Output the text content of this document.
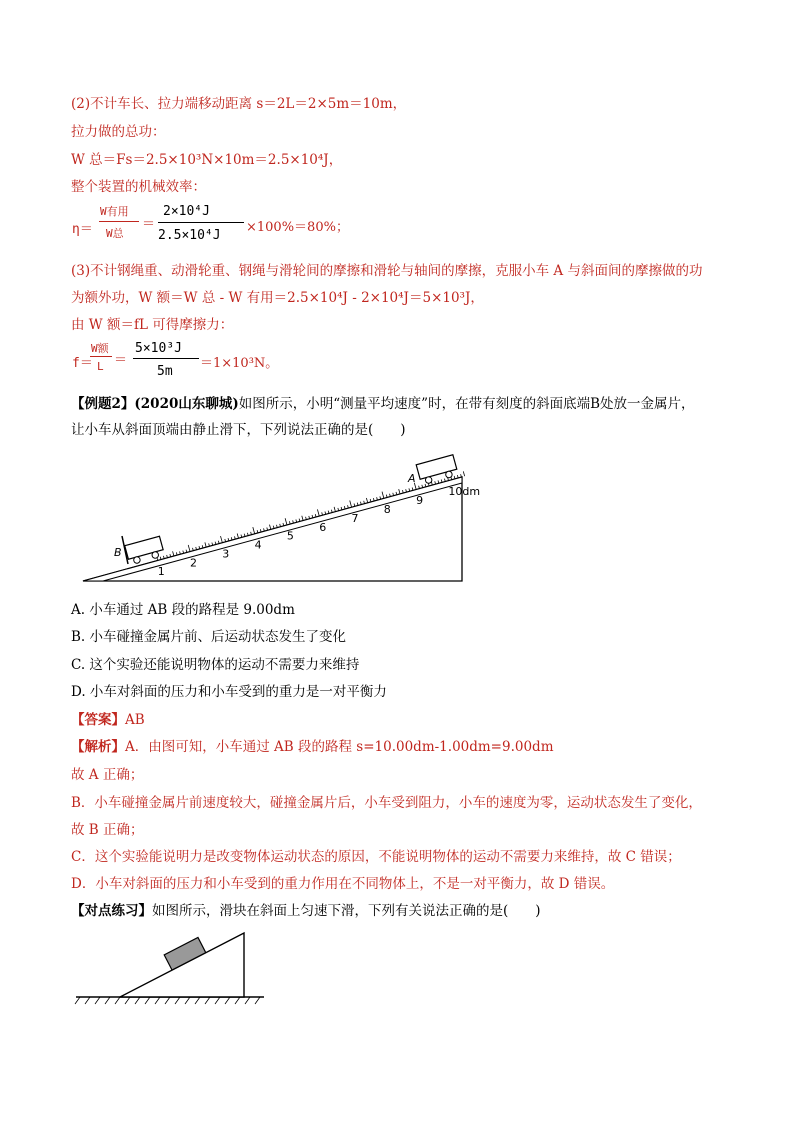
(2)不计车长、拉力端移动距离 s＝2L＝2×5m＝10m，
拉力做的总功：
W 总＝Fs＝2.5×10³N×10m＝2.5×10⁴J，
整个装置的机械效率：
η＝
W有用
W总
＝
2×10⁴J
2.5×10⁴J
×100%＝80%；
(3)不计钢绳重、动滑轮重、钢绳与滑轮间的摩擦和滑轮与轴间的摩擦，克服小车 A 与斜面间的摩擦做的功
为额外功，W 额＝W 总 - W 有用＝2.5×10⁴J - 2×10⁴J＝5×10³J，
由 W 额＝fL 可得摩擦力：
f＝
W额
L ＝
5×10³J
5m
＝1×10³N。
【例题2】(2020山东聊城)如图所示，小明“测量平均速度”时，在带有刻度的斜面底端B处放一金属片，
让小车从斜面顶端由静止滑下，下列说法正确的是(　　)
2
3
4
5
6
7
8
9
10dm
1
B
A
A. 小车通过 AB 段的路程是 9.00dm
B. 小车碰撞金属片前、后运动状态发生了变化
C. 这个实验还能说明物体的运动不需要力来维持
D. 小车对斜面的压力和小车受到的重力是一对平衡力
【答案】AB
【解析】A．由图可知，小车通过 AB 段的路程 s=10.00dm-1.00dm=9.00dm
故 A 正确；
B．小车碰撞金属片前速度较大，碰撞金属片后，小车受到阻力，小车的速度为零，运动状态发生了变化，
故 B 正确；
C．这个实验能说明力是改变物体运动状态的原因，不能说明物体的运动不需要力来维持，故 C 错误；
D．小车对斜面的压力和小车受到的重力作用在不同物体上，不是一对平衡力，故 D 错误。
【对点练习】如图所示，滑块在斜面上匀速下滑，下列有关说法正确的是(　　)
